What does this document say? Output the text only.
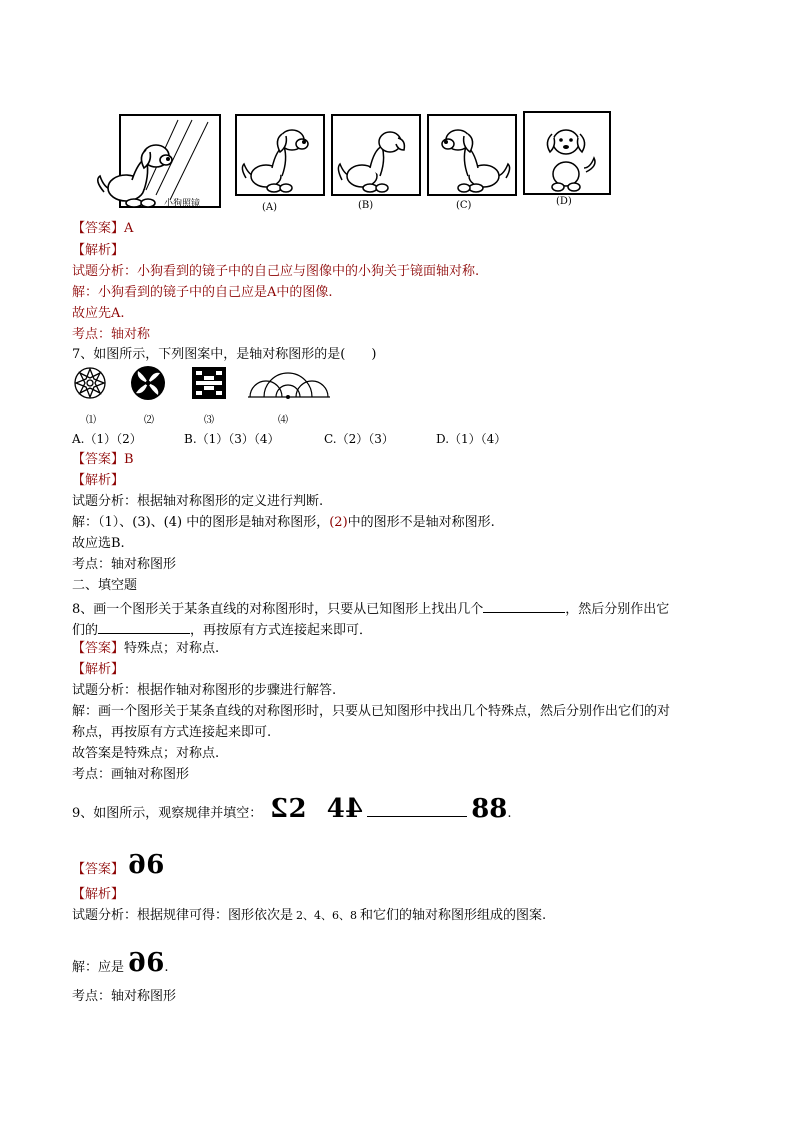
小狗照镜	(A)	(B)	(C)	(D)
【答案】A
【解析】
试题分析：小狗看到的镜子中的自己应与图像中的小狗关于镜面轴对称.
解：小狗看到的镜子中的自己应是A中的图像.
故应先A.
考点：轴对称
7、如图所示，下列图案中，是轴对称图形的是(　　)
⑴	⑵	⑶	⑷
A.（1）（2）	B.（1）（3）（4）	C.（2）（3）	D.（1）（4）
【答案】B
【解析】
试题分析：根据轴对称图形的定义进行判断.
解：（1）、(3)、(4) 中的图形是轴对称图形，(2)中的图形不是轴对称图形.
故应选B.
考点：轴对称图形
二、填空题
8、画一个图形关于某条直线的对称图形时，只要从已知图形上找出几个	，然后分别作出它
们的	，再按原有方式连接起来即可．
【答案】特殊点；对称点.
【解析】
试题分析：根据作轴对称图形的步骤进行解答.
解：画一个图形关于某条直线的对称图形时，只要从已知图形中找出几个特殊点，然后分别作出它们的对
称点，再按原有方式连接起来即可.
故答案是特殊点；对称点.
考点：画轴对称图形
9、如图所示，观察规律并填空： 22 44	88.
【答案】 66
【解析】
试题分析：根据规律可得：图形依次是 2、4、6、8 和它们的轴对称图形组成的图案.
解：应是 66.
考点：轴对称图形
